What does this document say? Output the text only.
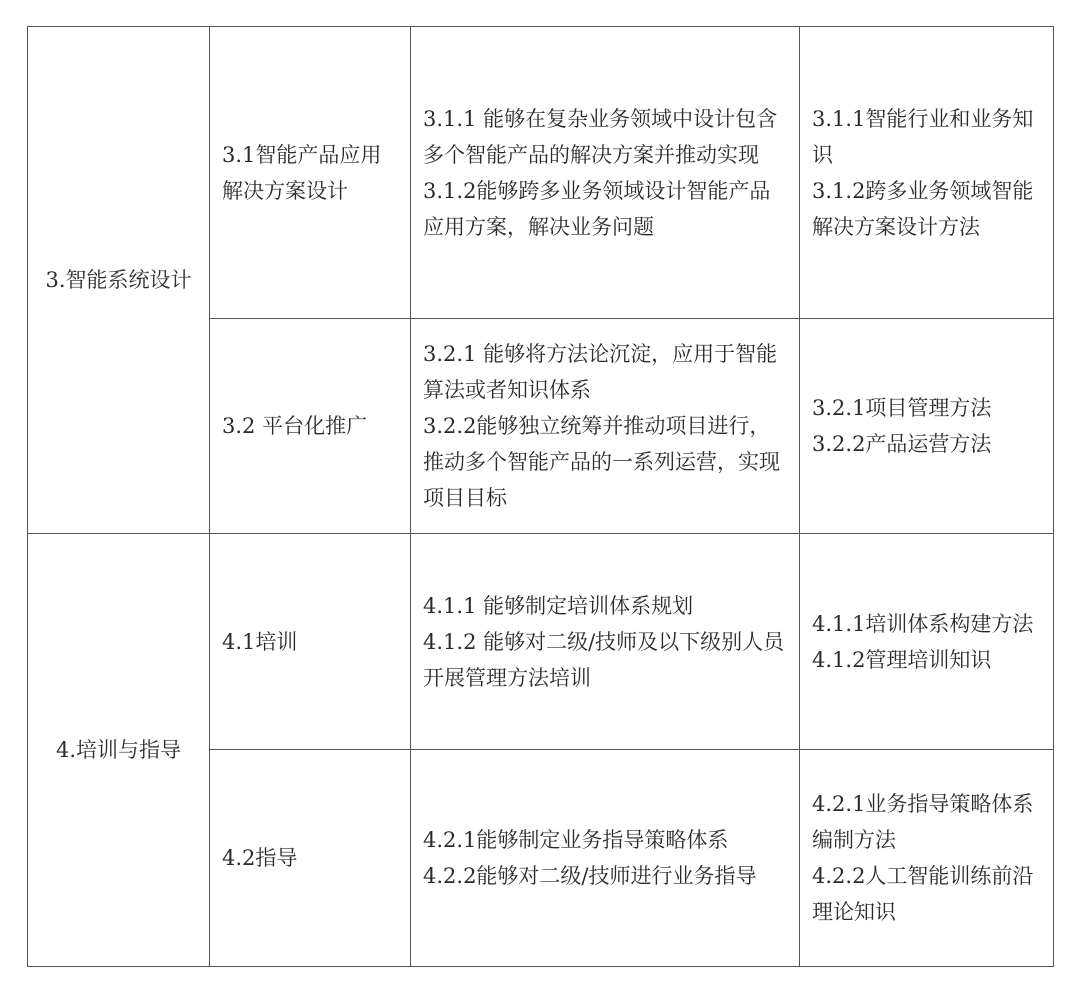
3.智能系统设计	3.1智能产品应用解决方案设计	3.1.1 能够在复杂业务领域中设计包含多个智能产品的解决方案并推动实现
3.1.2能够跨多业务领域设计智能产品应用方案，解决业务问题	3.1.1智能行业和业务知识
3.1.2跨多业务领域智能解决方案设计方法

	3.2 平台化推广	3.2.1 能够将方法论沉淀，应用于智能算法或者知识体系
3.2.2能够独立统筹并推动项目进行，推动多个智能产品的一系列运营，实现项目目标	3.2.1项目管理方法
3.2.2产品运营方法

4.培训与指导	4.1培训	4.1.1 能够制定培训体系规划
4.1.2 能够对二级/技师及以下级别人员开展管理方法培训	4.1.1培训体系构建方法
4.1.2管理培训知识

	4.2指导	4.2.1能够制定业务指导策略体系
4.2.2能够对二级/技师进行业务指导	4.2.1业务指导策略体系编制方法
4.2.2人工智能训练前沿理论知识
